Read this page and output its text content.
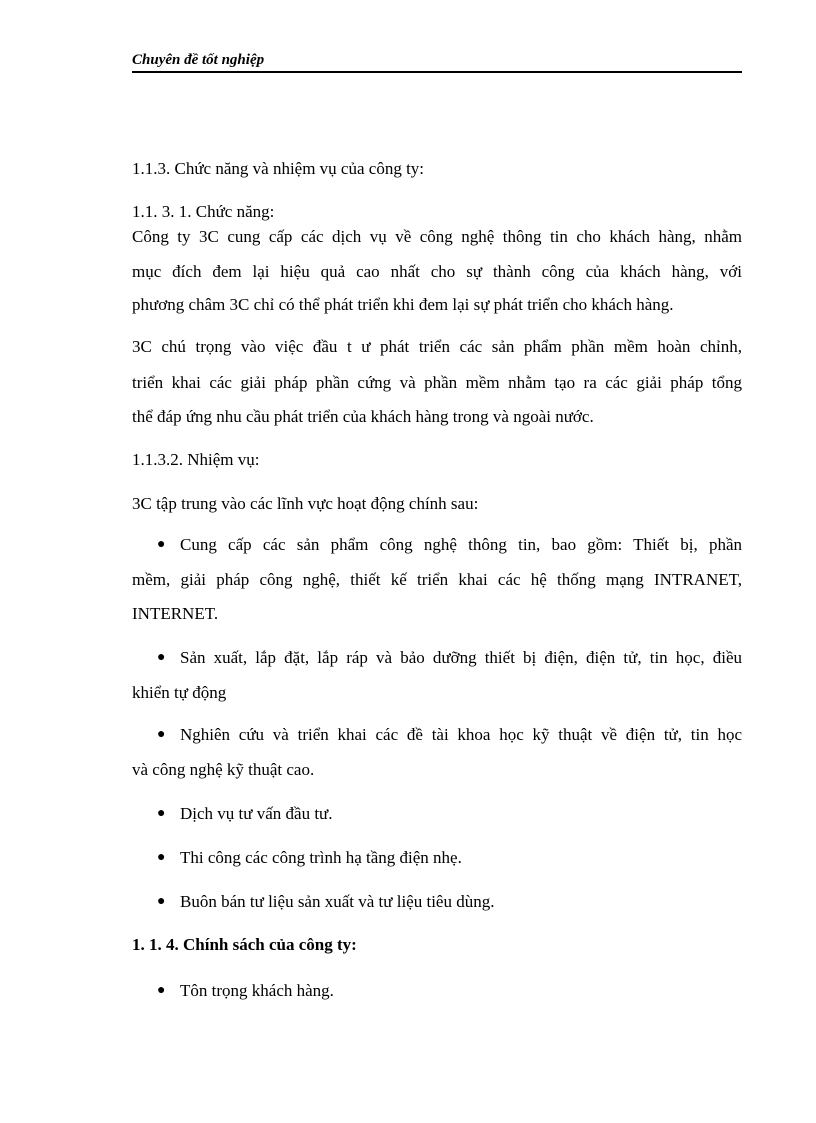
Chuyên đề tốt nghiệp
1.1.3. Chức năng và nhiệm vụ của công ty:
1.1. 3. 1. Chức năng:
Công ty 3C cung cấp các dịch vụ về công nghệ thông tin cho khách hàng, nhằm
mục đích đem lại hiệu quả cao nhất cho sự thành công của khách hàng, với
phương châm 3C chỉ có thể phát triển khi đem lại sự phát triển cho khách hàng.
3C chú trọng vào việc đầu t ư phát triển các sản phẩm phần mềm hoàn chỉnh,
triển khai các giải pháp phần cứng và phần mềm nhằm tạo ra các giải pháp tổng
thể đáp ứng nhu cầu phát triển của khách hàng trong và ngoài nước.
1.1.3.2. Nhiệm vụ:
3C tập trung vào các lĩnh vực hoạt động chính sau:
● Cung cấp các sản phẩm công nghệ thông tin, bao gồm: Thiết bị, phần
mềm, giải pháp công nghệ, thiết kế triển khai các hệ thống mạng INTRANET,
INTERNET.
● Sản xuất, lắp đặt, lắp ráp và bảo dưỡng thiết bị điện, điện tử, tin học, điều
khiển tự động
● Nghiên cứu và triển khai các đề tài khoa học kỹ thuật về điện tử, tin học
và công nghệ kỹ thuật cao.
● Dịch vụ tư vấn đầu tư.
● Thi công các công trình hạ tầng điện nhẹ.
● Buôn bán tư liệu sản xuất và tư liệu tiêu dùng.
1. 1. 4. Chính sách của công ty:
● Tôn trọng khách hàng.
